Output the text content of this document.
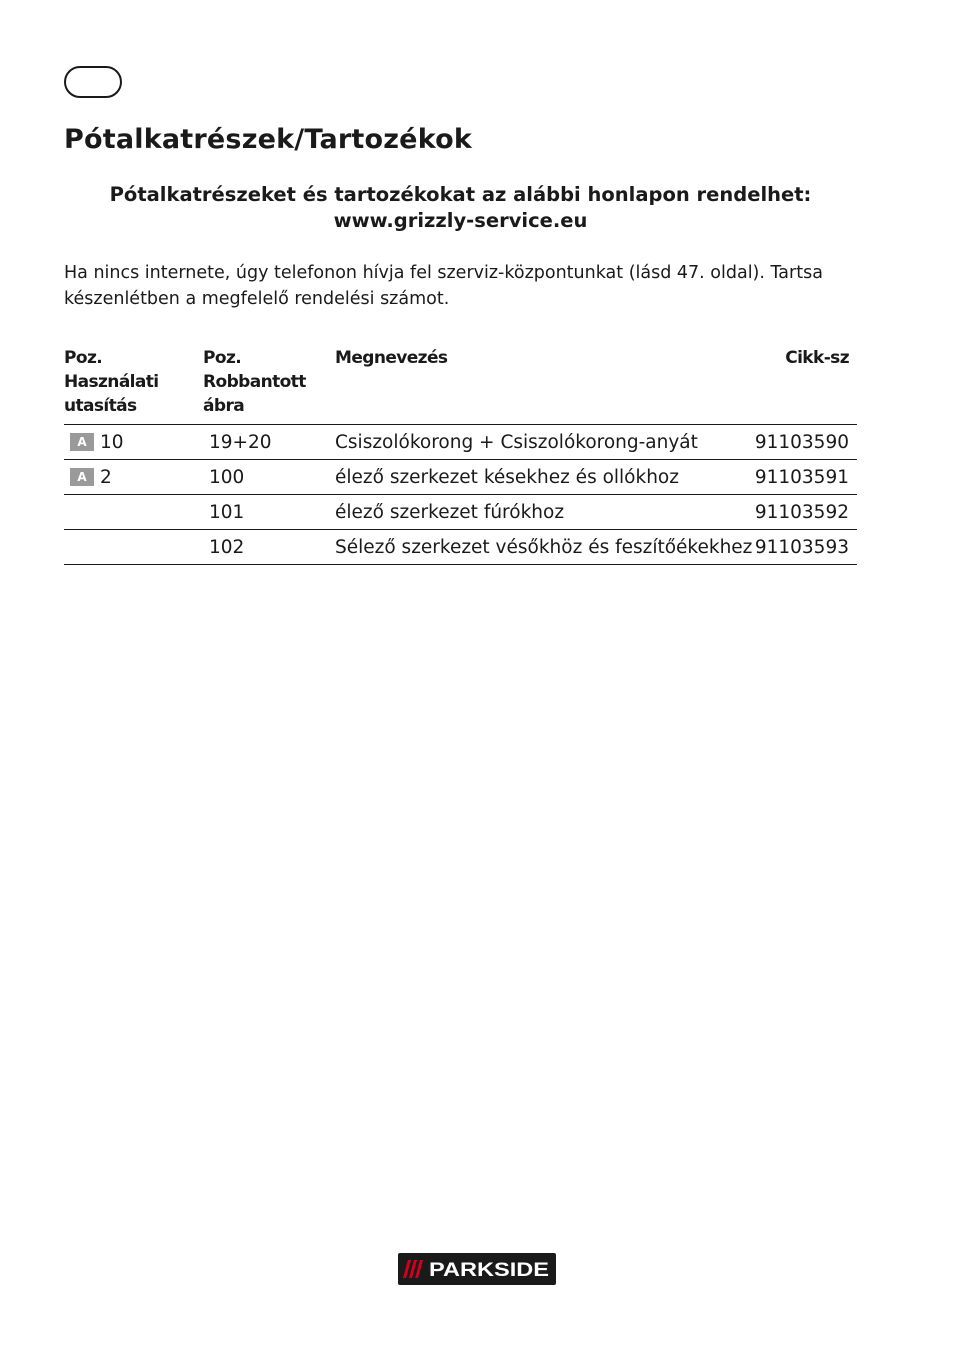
Pótalkatrészek/Tartozékok

Pótalkatrészeket és tartozékokat az alábbi honlapon rendelhet:
www.grizzly-service.eu

Ha nincs internete, úgy telefonon hívja fel szerviz-központunkat (lásd 47. oldal). Tartsa készenlétben a megfelelő rendelési számot.

Poz.
Használati
utasítás	Poz.
Robbantott
ábra	Megnevezés	Cikk-sz
A 10	19+20	Csiszolókorong + Csiszolókorong-anyát	91103590
A 2	100	élező szerkezet késekhez és ollókhoz	91103591
	101	élező szerkezet fúrókhoz	91103592
	102	Sélező szerkezet vésőkhöz és feszítőékekhez	91103593
PARKSIDE
